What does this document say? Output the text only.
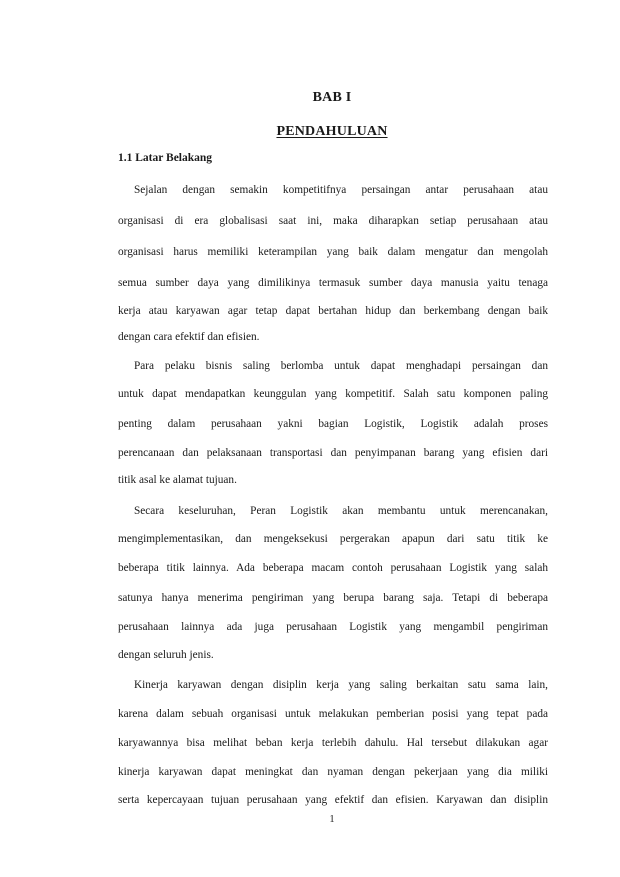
BAB I
PENDAHULUAN
1.1 Latar Belakang
Sejalan dengan semakin kompetitifnya persaingan antar perusahaan atau
organisasi di era globalisasi saat ini, maka diharapkan setiap perusahaan atau
organisasi harus memiliki keterampilan yang baik dalam mengatur dan mengolah
semua sumber daya yang dimilikinya termasuk sumber daya manusia yaitu tenaga
kerja atau karyawan agar tetap dapat bertahan hidup dan berkembang dengan baik
dengan cara efektif dan efisien.
Para pelaku bisnis saling berlomba untuk dapat menghadapi persaingan dan
untuk dapat mendapatkan keunggulan yang kompetitif. Salah satu komponen paling
penting dalam perusahaan yakni bagian Logistik, Logistik adalah proses
perencanaan dan pelaksanaan transportasi dan penyimpanan barang yang efisien dari
titik asal ke alamat tujuan.
Secara keseluruhan, Peran Logistik akan membantu untuk merencanakan,
mengimplementasikan, dan mengeksekusi pergerakan apapun dari satu titik ke
beberapa titik lainnya. Ada beberapa macam contoh perusahaan Logistik yang salah
satunya hanya menerima pengiriman yang berupa barang saja. Tetapi di beberapa
perusahaan lainnya ada juga perusahaan Logistik yang mengambil pengiriman
dengan seluruh jenis.
Kinerja karyawan dengan disiplin kerja yang saling berkaitan satu sama lain,
karena dalam sebuah organisasi untuk melakukan pemberian posisi yang tepat pada
karyawannya bisa melihat beban kerja terlebih dahulu. Hal tersebut dilakukan agar
kinerja karyawan dapat meningkat dan nyaman dengan pekerjaan yang dia miliki
serta kepercayaan tujuan perusahaan yang efektif dan efisien. Karyawan dan disiplin
1
